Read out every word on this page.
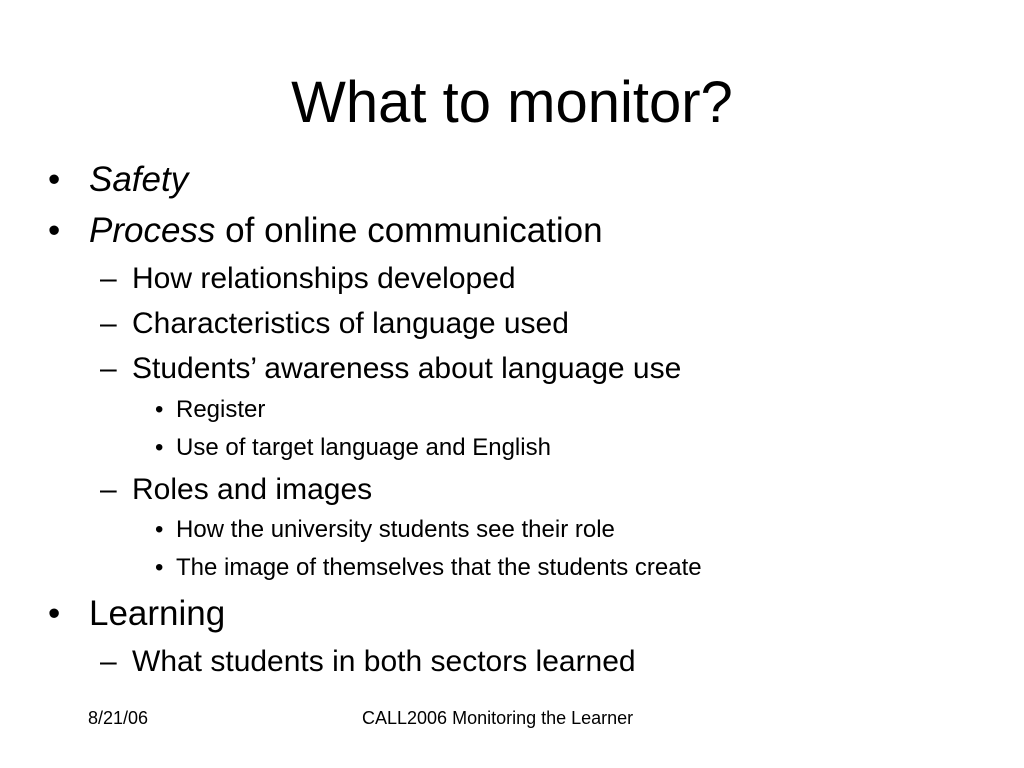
What to monitor?
• Safety
• Process of online communication
– How relationships developed
– Characteristics of language used
– Students’ awareness about language use
• Register
• Use of target language and English
– Roles and images
• How the university students see their role
• The image of themselves that the students create
• Learning
– What students in both sectors learned
8/21/06	CALL2006 Monitoring the Learner
